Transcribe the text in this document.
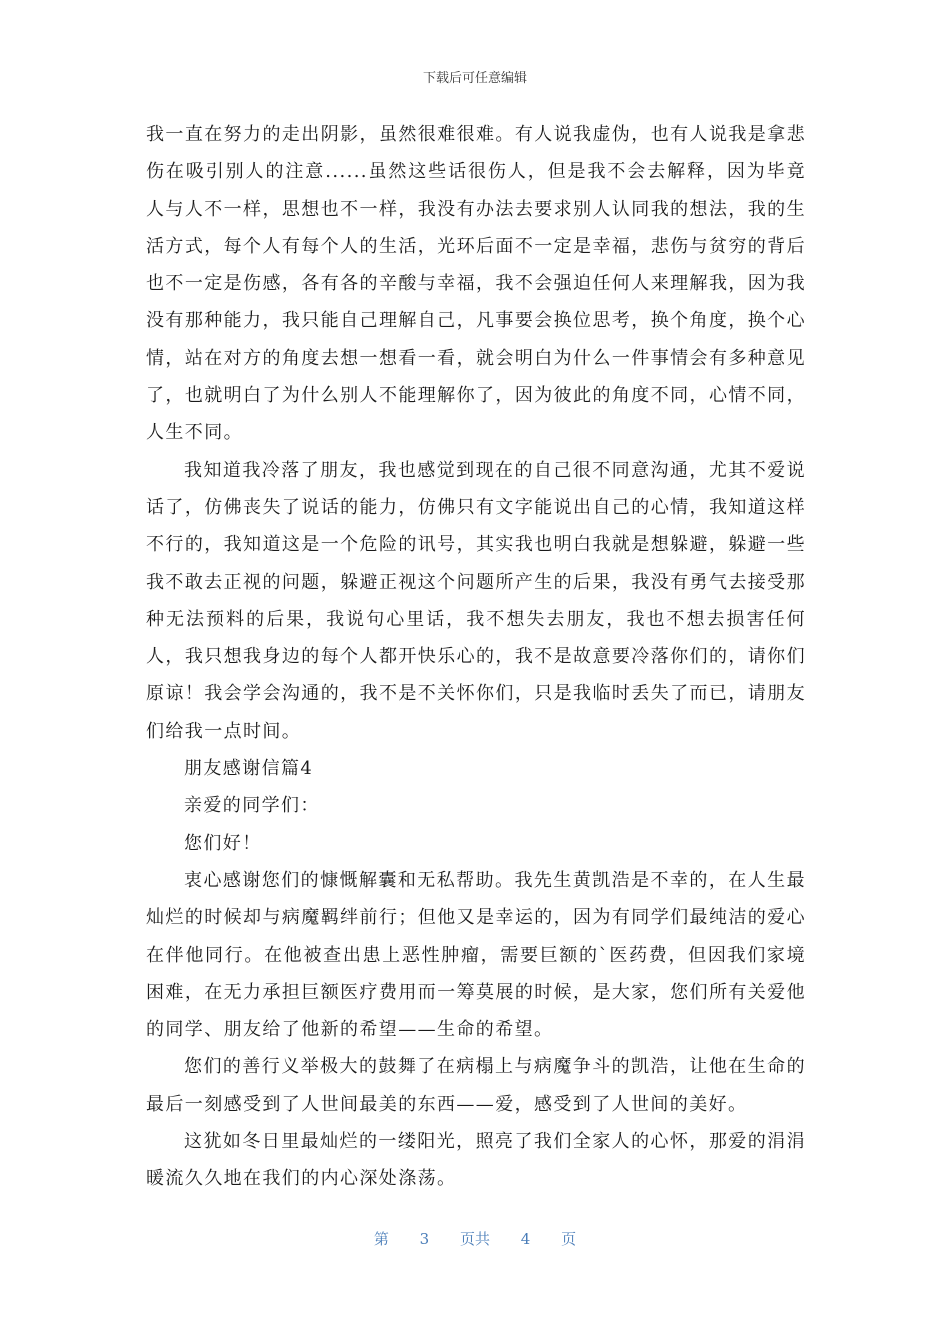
下载后可任意编辑

我一直在努力的走出阴影，虽然很难很难。有人说我虚伪，也有人说我是拿悲伤在吸引别人的注意......虽然这些话很伤人，但是我不会去解释，因为毕竟人与人不一样，思想也不一样，我没有办法去要求别人认同我的想法，我的生活方式，每个人有每个人的生活，光环后面不一定是幸福，悲伤与贫穷的背后也不一定是伤感，各有各的辛酸与幸福，我不会强迫任何人来理解我，因为我没有那种能力，我只能自己理解自己，凡事要会换位思考，换个角度，换个心情，站在对方的角度去想一想看一看，就会明白为什么一件事情会有多种意见了，也就明白了为什么别人不能理解你了，因为彼此的角度不同，心情不同，人生不同。

我知道我冷落了朋友，我也感觉到现在的自己很不同意沟通，尤其不爱说话了，仿佛丧失了说话的能力，仿佛只有文字能说出自己的心情，我知道这样不行的，我知道这是一个危险的讯号，其实我也明白我就是想躲避，躲避一些我不敢去正视的问题，躲避正视这个问题所产生的后果，我没有勇气去接受那种无法预料的后果，我说句心里话，我不想失去朋友，我也不想去损害任何人，我只想我身边的每个人都开快乐心的，我不是故意要冷落你们的，请你们原谅！我会学会沟通的，我不是不关怀你们，只是我临时丢失了而已，请朋友们给我一点时间。

朋友感谢信篇4

亲爱的同学们：

您们好！

衷心感谢您们的慷慨解囊和无私帮助。我先生黄凯浩是不幸的，在人生最灿烂的时候却与病魔羁绊前行；但他又是幸运的，因为有同学们最纯洁的爱心在伴他同行。在他被查出患上恶性肿瘤，需要巨额的`医药费，但因我们家境困难，在无力承担巨额医疗费用而一筹莫展的时候，是大家，您们所有关爱他的同学、朋友给了他新的希望——生命的希望。

您们的善行义举极大的鼓舞了在病榻上与病魔争斗的凯浩，让他在生命的最后一刻感受到了人世间最美的东西——爱，感受到了人世间的美好。

这犹如冬日里最灿烂的一缕阳光，照亮了我们全家人的心怀，那爱的涓涓暖流久久地在我们的内心深处涤荡。

第 3 页共 4 页
